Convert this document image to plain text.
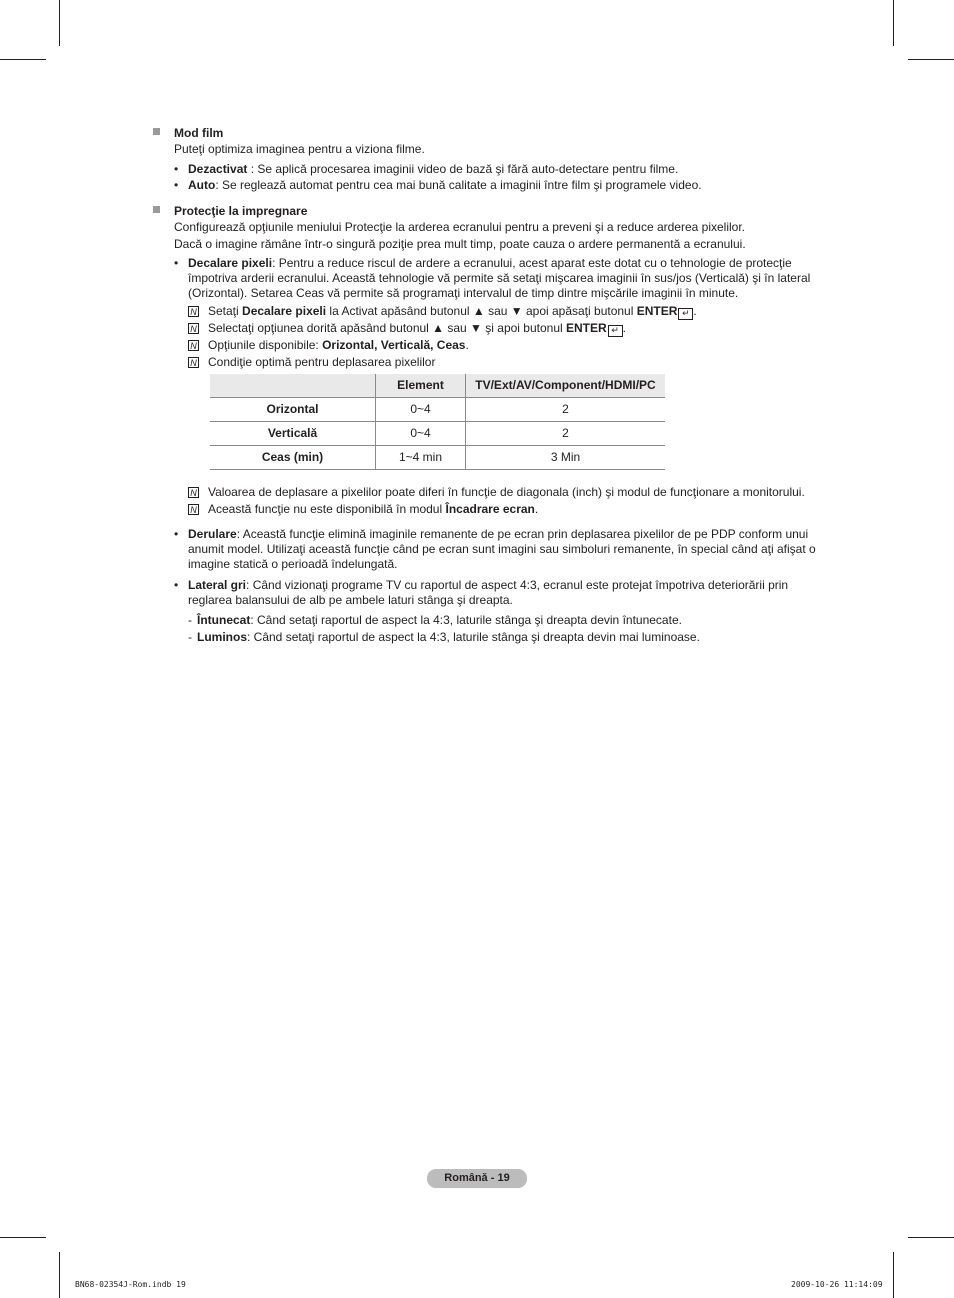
Mod film
Puteţi optimiza imaginea pentru a viziona filme.
• Dezactivat : Se aplică procesarea imaginii video de bază şi fără auto-detectare pentru filme.
• Auto: Se reglează automat pentru cea mai bună calitate a imaginii între film şi programele video.
Protecţie la impregnare
Configurează opţiunile meniului Protecţie la arderea ecranului pentru a preveni şi a reduce arderea pixelilor.
Dacă o imagine rămâne într-o singură poziţie prea mult timp, poate cauza o ardere permanentă a ecranului.
• Decalare pixeli: Pentru a reduce riscul de ardere a ecranului, acest aparat este dotat cu o tehnologie de protecţie împotriva arderii ecranului. Această tehnologie vă permite să setaţi mişcarea imaginii în sus/jos (Verticală) şi în lateral (Orizontal). Setarea Ceas vă permite să programaţi intervalul de timp dintre mişcările imaginii în minute.
N Setaţi Decalare pixeli la Activat apăsând butonul ▲ sau ▼ apoi apăsaţi butonul ENTER ↵ .
N Selectaţi opţiunea dorită apăsând butonul ▲ sau ▼ şi apoi butonul ENTER ↵ .
N Opţiunile disponibile: Orizontal, Verticală, Ceas.
N Condiţie optimă pentru deplasarea pixelilor
	Element	TV/Ext/AV/Component/HDMI/PC
Orizontal	0~4	2
Verticală	0~4	2
Ceas (min)	1~4 min	3 Min
N Valoarea de deplasare a pixelilor poate diferi în funcţie de diagonala (inch) şi modul de funcţionare a monitorului.
N Această funcţie nu este disponibilă în modul Încadrare ecran.
• Derulare: Această funcţie elimină imaginile remanente de pe ecran prin deplasarea pixelilor de pe PDP conform unui anumit model. Utilizaţi această funcţie când pe ecran sunt imagini sau simboluri remanente, în special când aţi afişat o imagine statică o perioadă îndelungată.
• Lateral gri: Când vizionaţi programe TV cu raportul de aspect 4:3, ecranul este protejat împotriva deteriorării prin reglarea balansului de alb pe ambele laturi stânga şi dreapta.
- Întunecat: Când setaţi raportul de aspect la 4:3, laturile stânga şi dreapta devin întunecate.
- Luminos: Când setaţi raportul de aspect la 4:3, laturile stânga şi dreapta devin mai luminoase.
Română - 19
BN68-02354J-Rom.indb 19	2009-10-26 11:14:09
